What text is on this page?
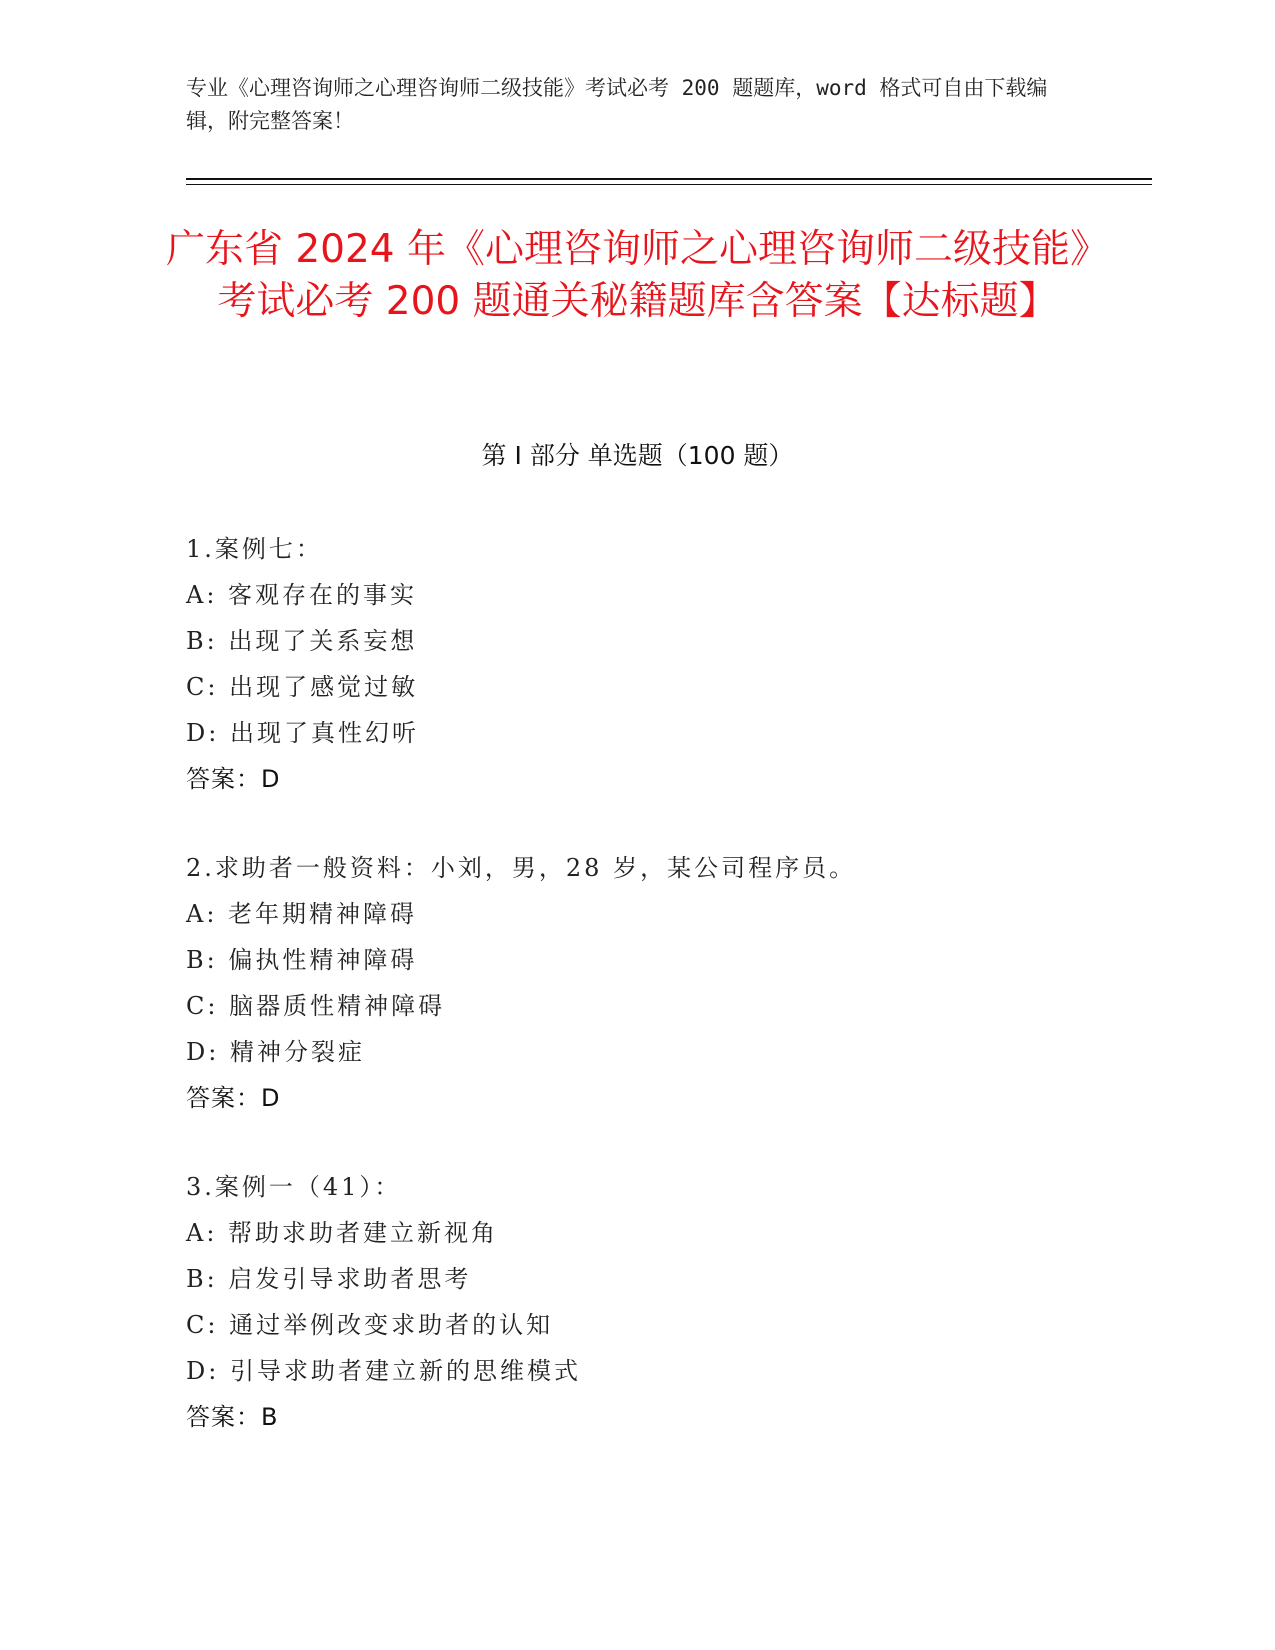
专业《心理咨询师之心理咨询师二级技能》考试必考 200 题题库，word 格式可自由下载编辑，附完整答案！
广东省 2024 年《心理咨询师之心理咨询师二级技能》考试必考 200 题通关秘籍题库含答案【达标题】
第 I 部分 单选题（100 题）
1.案例七：
A: 客观存在的事实
B: 出现了关系妄想
C: 出现了感觉过敏
D: 出现了真性幻听
答案：D
2.求助者一般资料：小刘，男，28 岁，某公司程序员。
A: 老年期精神障碍
B: 偏执性精神障碍
C: 脑器质性精神障碍
D: 精神分裂症
答案：D
3.案例一（41）：
A: 帮助求助者建立新视角
B: 启发引导求助者思考
C: 通过举例改变求助者的认知
D: 引导求助者建立新的思维模式
答案：B
